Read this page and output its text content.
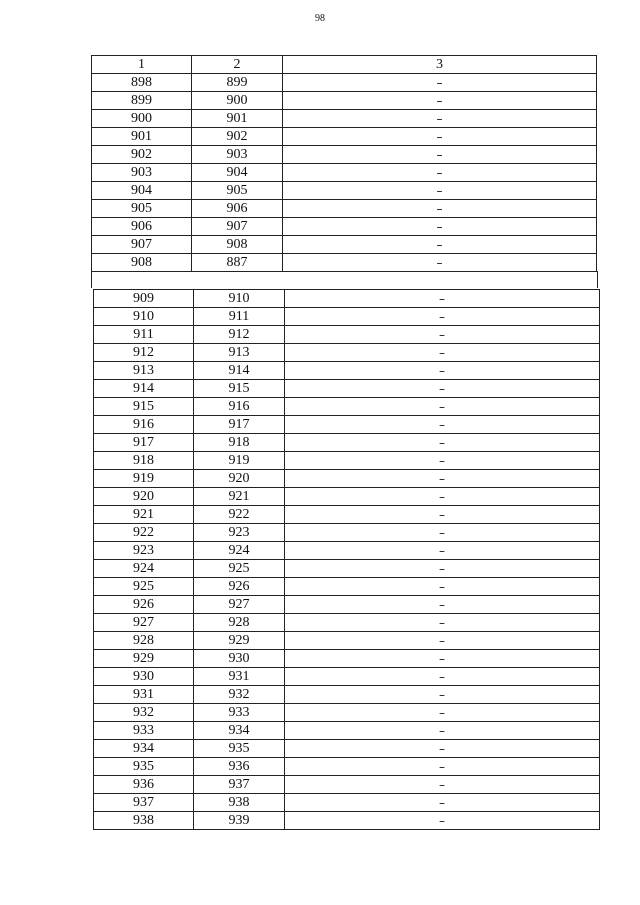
98
1	2	3
898	899	–
899	900	–
900	901	–
901	902	–
902	903	–
903	904	–
904	905	–
905	906	–
906	907	–
907	908	–
908	887	–
909	910	–
910	911	–
911	912	–
912	913	–
913	914	–
914	915	–
915	916	–
916	917	–
917	918	–
918	919	–
919	920	–
920	921	–
921	922	–
922	923	–
923	924	–
924	925	–
925	926	–
926	927	–
927	928	–
928	929	–
929	930	–
930	931	–
931	932	–
932	933	–
933	934	–
934	935	–
935	936	–
936	937	–
937	938	–
938	939	–
